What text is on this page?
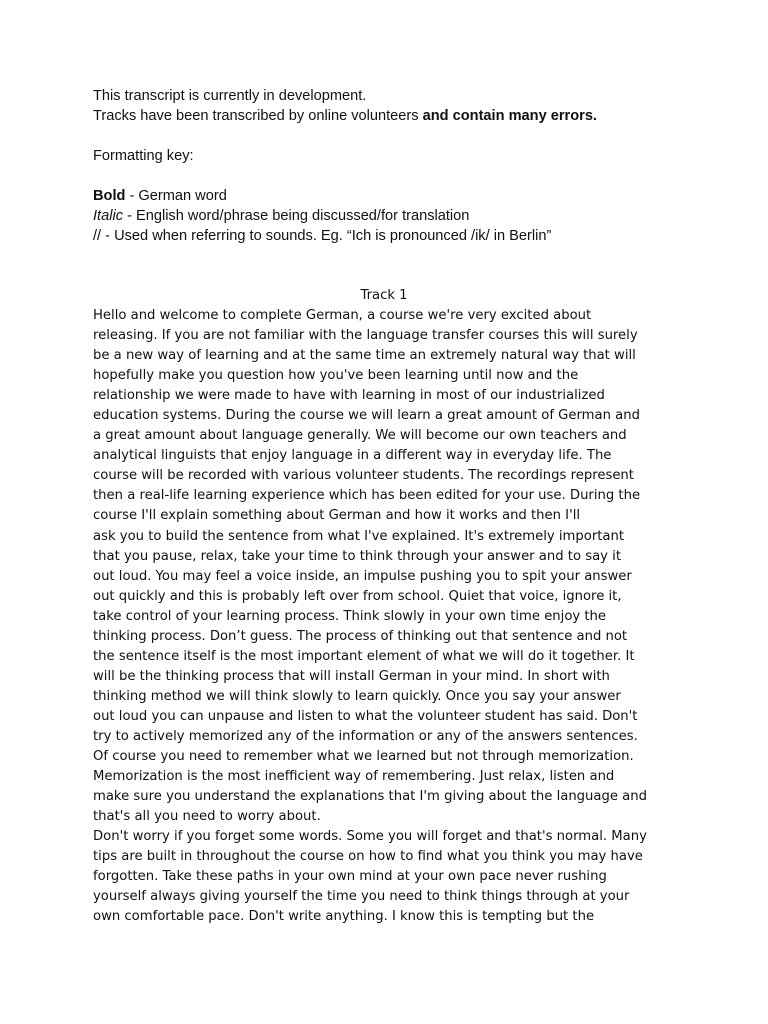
This transcript is currently in development.

Tracks have been transcribed by online volunteers and contain many errors.

Formatting key:

Bold - German word

Italic - English word/phrase being discussed/for translation

// - Used when referring to sounds. Eg. “Ich is pronounced /ik/ in Berlin”

Track 1
Hello and welcome to complete German, a course we're very excited about
releasing. If you are not familiar with the language transfer courses this will surely
be a new way of learning and at the same time an extremely natural way that will
hopefully make you question how you've been learning until now and the
relationship we were made to have with learning in most of our industrialized
education systems. During the course we will learn a great amount of German and
a great amount about language generally. We will become our own teachers and
analytical linguists that enjoy language in a different way in everyday life. The
course will be recorded with various volunteer students. The recordings represent
then a real-life learning experience which has been edited for your use. During the
course I'll explain something about German and how it works and then I'll
ask you to build the sentence from what I've explained. It's extremely important
that you pause, relax, take your time to think through your answer and to say it
out loud. You may feel a voice inside, an impulse pushing you to spit your answer
out quickly and this is probably left over from school. Quiet that voice, ignore it,
take control of your learning process. Think slowly in your own time enjoy the
thinking process. Don’t guess. The process of thinking out that sentence and not
the sentence itself is the most important element of what we will do it together. It
will be the thinking process that will install German in your mind. In short with
thinking method we will think slowly to learn quickly. Once you say your answer
out loud you can unpause and listen to what the volunteer student has said. Don't
try to actively memorized any of the information or any of the answers sentences.
Of course you need to remember what we learned but not through memorization.
Memorization is the most inefficient way of remembering. Just relax, listen and
make sure you understand the explanations that I'm giving about the language and
that's all you need to worry about.
Don't worry if you forget some words. Some you will forget and that's normal. Many
tips are built in throughout the course on how to find what you think you may have
forgotten. Take these paths in your own mind at your own pace never rushing
yourself always giving yourself the time you need to think things through at your
own comfortable pace. Don't write anything. I know this is tempting but the
